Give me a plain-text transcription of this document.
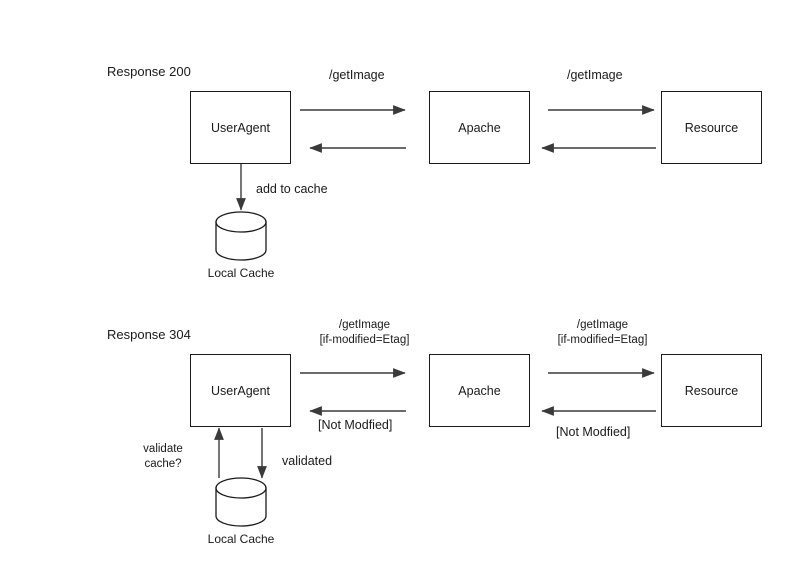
Response 200
UserAgent	Apache	Resource
/getImage	/getImage
add to cache
Local Cache
Response 304
UserAgent	Apache	Resource
/getImage
[if-modified=Etag]
/getImage
[if-modified=Etag]
[Not Modfied]	[Not Modfied]
validate
cache?	validated
Local Cache
